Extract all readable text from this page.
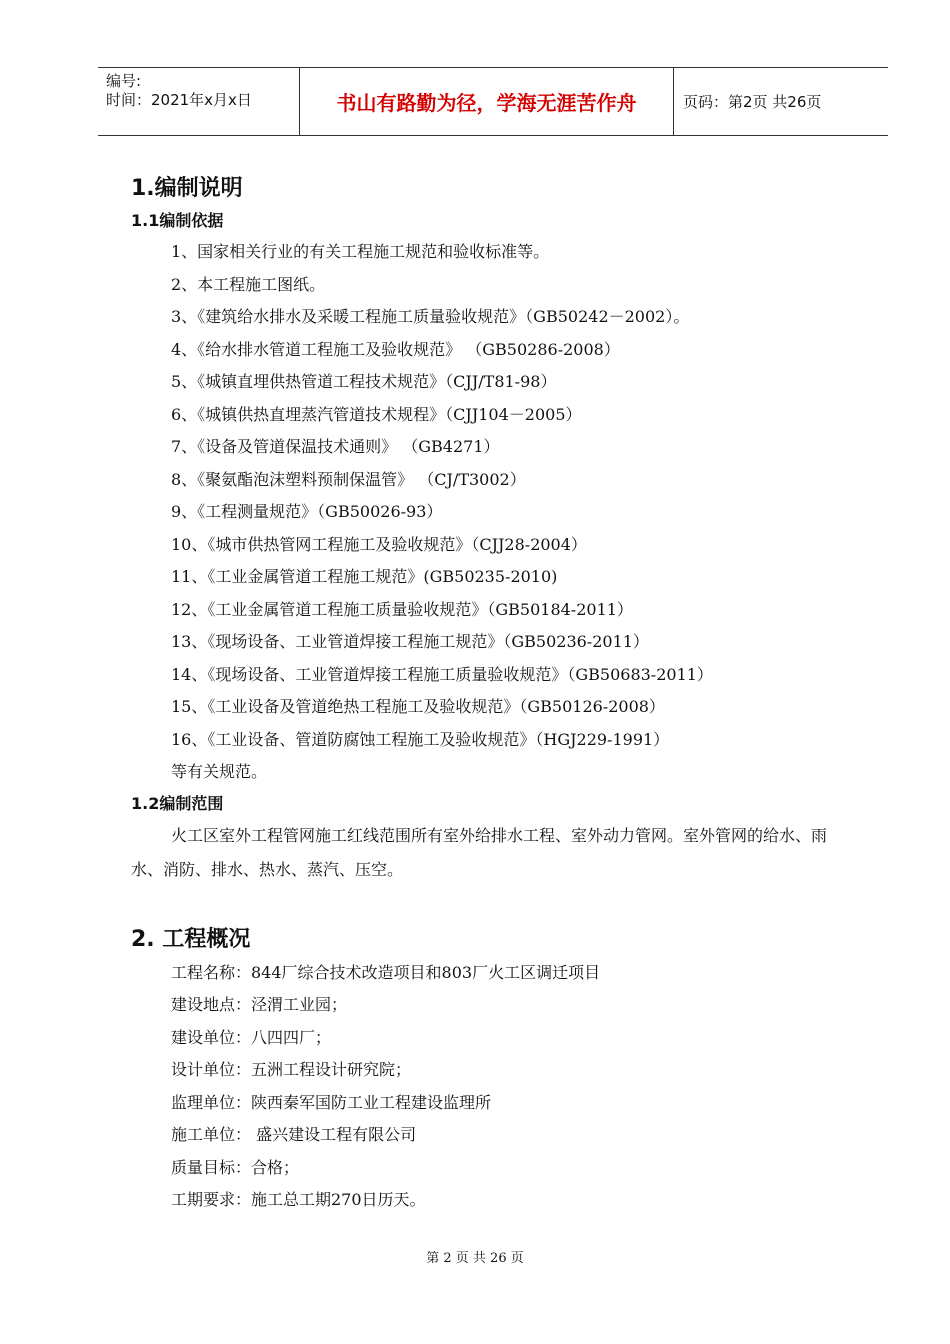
编号:
时间：2021年x月x日	书山有路勤为径，学海无涯苦作舟	页码：第2页 共26页
1.编制说明
1.1编制依据

1、国家相关行业的有关工程施工规范和验收标准等。

2、本工程施工图纸。

3、《建筑给水排水及采暖工程施工质量验收规范》（GB50242－2002）。

4、《给水排水管道工程施工及验收规范》 （GB50286-2008）

5、《城镇直埋供热管道工程技术规范》（CJJ/T81-98）

6、《城镇供热直埋蒸汽管道技术规程》（CJJ104－2005）

7、《设备及管道保温技术通则》 （GB4271）

8、《聚氨酯泡沫塑料预制保温管》 （CJ/T3002）

9、《工程测量规范》（GB50026-93）

10、《城市供热管网工程施工及验收规范》（CJJ28-2004）

11、《工业金属管道工程施工规范》(GB50235-2010)

12、《工业金属管道工程施工质量验收规范》（GB50184-2011）

13、《现场设备、工业管道焊接工程施工规范》（GB50236-2011）

14、《现场设备、工业管道焊接工程施工质量验收规范》（GB50683-2011）

15、《工业设备及管道绝热工程施工及验收规范》（GB50126-2008）

16、《工业设备、管道防腐蚀工程施工及验收规范》（HGJ229-1991）

等有关规范。

1.2编制范围

火工区室外工程管网施工红线范围所有室外给排水工程、室外动力管网。室外管网的给水、雨水、消防、排水、热水、蒸汽、压空。

2. 工程概况

工程名称：844厂综合技术改造项目和803厂火工区调迁项目

建设地点：泾渭工业园；

建设单位：八四四厂；

设计单位：五洲工程设计研究院；

监理单位：陕西秦军国防工业工程建设监理所

施工单位： 盛兴建设工程有限公司

质量目标：合格；

工期要求：施工总工期270日历天。

第 2 页 共 26 页
